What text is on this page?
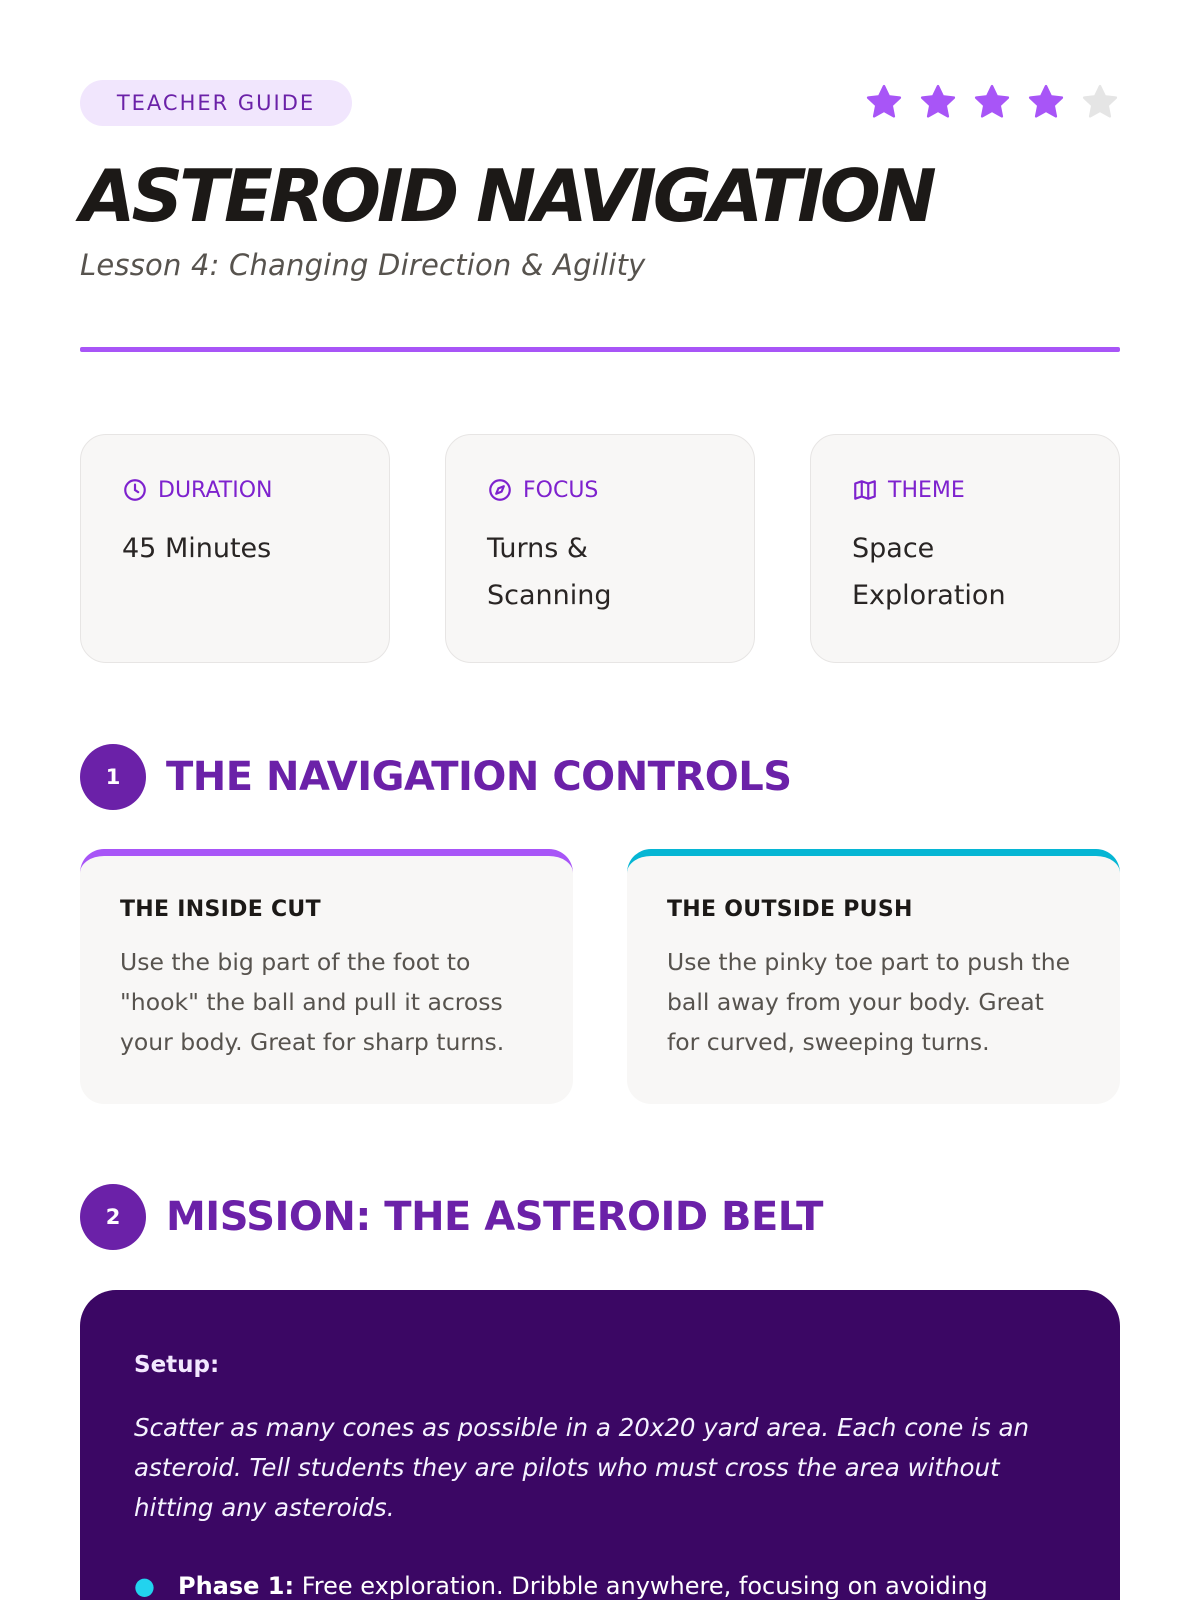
TEACHER GUIDE
ASTEROID NAVIGATION
Lesson 4: Changing Direction & Agility
DURATION
45 Minutes
FOCUS
Turns & Scanning
THEME
Space Exploration
1	THE NAVIGATION CONTROLS
THE INSIDE CUT

Use the big part of the foot to "hook" the ball and pull it across your body. Great for sharp turns.

THE OUTSIDE PUSH

Use the pinky toe part to push the ball away from your body. Great for curved, sweeping turns.

2	MISSION: THE ASTEROID BELT
Setup:

Scatter as many cones as possible in a 20x20 yard area. Each cone is an asteroid. Tell students they are pilots who must cross the area without hitting any asteroids.

● Phase 1: Free exploration. Dribble anywhere, focusing on avoiding
